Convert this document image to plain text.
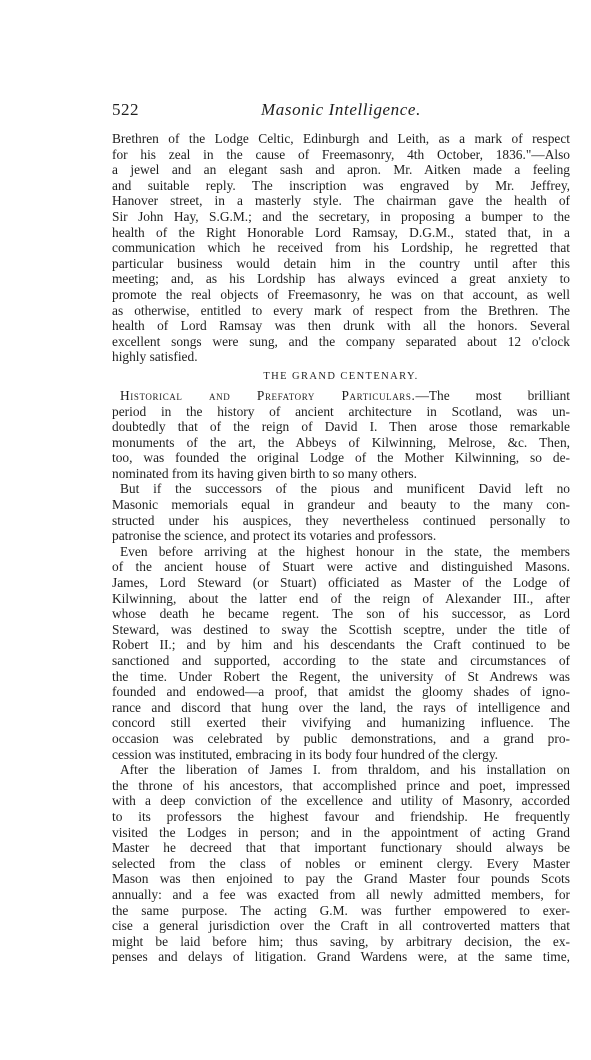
522	Masonic Intelligence.
Brethren of the Lodge Celtic, Edinburgh and Leith, as a mark of respect
for his zeal in the cause of Freemasonry, 4th October, 1836."—Also
a jewel and an elegant sash and apron. Mr. Aitken made a feeling
and suitable reply. The inscription was engraved by Mr. Jeffrey,
Hanover street, in a masterly style. The chairman gave the health of
Sir John Hay, S.G.M.; and the secretary, in proposing a bumper to the
health of the Right Honorable Lord Ramsay, D.G.M., stated that, in a
communication which he received from his Lordship, he regretted that
particular business would detain him in the country until after this
meeting; and, as his Lordship has always evinced a great anxiety to
promote the real objects of Freemasonry, he was on that account, as well
as otherwise, entitled to every mark of respect from the Brethren. The
health of Lord Ramsay was then drunk with all the honors. Several
excellent songs were sung, and the company separated about 12 o'clock
highly satisfied.
THE GRAND CENTENARY.
Historical and Prefatory Particulars.—The most brilliant
period in the history of ancient architecture in Scotland, was un-
doubtedly that of the reign of David I. Then arose those remarkable
monuments of the art, the Abbeys of Kilwinning, Melrose, &c. Then,
too, was founded the original Lodge of the Mother Kilwinning, so de-
nominated from its having given birth to so many others.
But if the successors of the pious and munificent David left no
Masonic memorials equal in grandeur and beauty to the many con-
structed under his auspices, they nevertheless continued personally to
patronise the science, and protect its votaries and professors.
Even before arriving at the highest honour in the state, the members
of the ancient house of Stuart were active and distinguished Masons.
James, Lord Steward (or Stuart) officiated as Master of the Lodge of
Kilwinning, about the latter end of the reign of Alexander III., after
whose death he became regent. The son of his successor, as Lord
Steward, was destined to sway the Scottish sceptre, under the title of
Robert II.; and by him and his descendants the Craft continued to be
sanctioned and supported, according to the state and circumstances of
the time. Under Robert the Regent, the university of St Andrews was
founded and endowed—a proof, that amidst the gloomy shades of igno-
rance and discord that hung over the land, the rays of intelligence and
concord still exerted their vivifying and humanizing influence. The
occasion was celebrated by public demonstrations, and a grand pro-
cession was instituted, embracing in its body four hundred of the clergy.
After the liberation of James I. from thraldom, and his installation on
the throne of his ancestors, that accomplished prince and poet, impressed
with a deep conviction of the excellence and utility of Masonry, accorded
to its professors the highest favour and friendship. He frequently
visited the Lodges in person; and in the appointment of acting Grand
Master he decreed that that important functionary should always be
selected from the class of nobles or eminent clergy. Every Master
Mason was then enjoined to pay the Grand Master four pounds Scots
annually: and a fee was exacted from all newly admitted members, for
the same purpose. The acting G.M. was further empowered to exer-
cise a general jurisdiction over the Craft in all controverted matters that
might be laid before him; thus saving, by arbitrary decision, the ex-
penses and delays of litigation. Grand Wardens were, at the same time,
